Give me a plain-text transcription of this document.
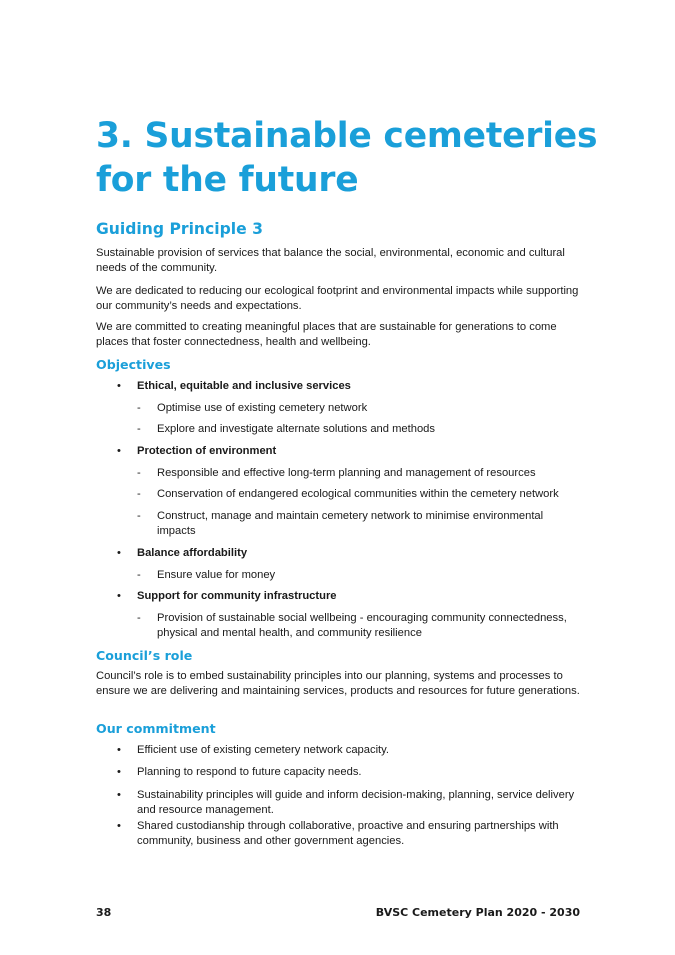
3. Sustainable cemeteries
for the future
Guiding Principle 3

Sustainable provision of services that balance the social, environmental, economic and cultural needs of the community.

We are dedicated to reducing our ecological footprint and environmental impacts while supporting our community’s needs and expectations.

We are committed to creating meaningful places that are sustainable for generations to come places that foster connectedness, health and wellbeing.

Objectives
• Ethical, equitable and inclusive services
- Optimise use of existing cemetery network
- Explore and investigate alternate solutions and methods
• Protection of environment
- Responsible and effective long-term planning and management of resources
- Conservation of endangered ecological communities within the cemetery network
- Construct, manage and maintain cemetery network to minimise environmental impacts
• Balance affordability
- Ensure value for money
• Support for community infrastructure
- Provision of sustainable social wellbeing - encouraging community connectedness, physical and mental health, and community resilience
Council’s role

Council’s role is to embed sustainability principles into our planning, systems and processes to ensure we are delivering and maintaining services, products and resources for future generations.

Our commitment
• Efficient use of existing cemetery network capacity.
• Planning to respond to future capacity needs.
• Sustainability principles will guide and inform decision-making, planning, service delivery and resource management.
• Shared custodianship through collaborative, proactive and ensuring partnerships with community, business and other government agencies.
38	BVSC Cemetery Plan 2020 - 2030
